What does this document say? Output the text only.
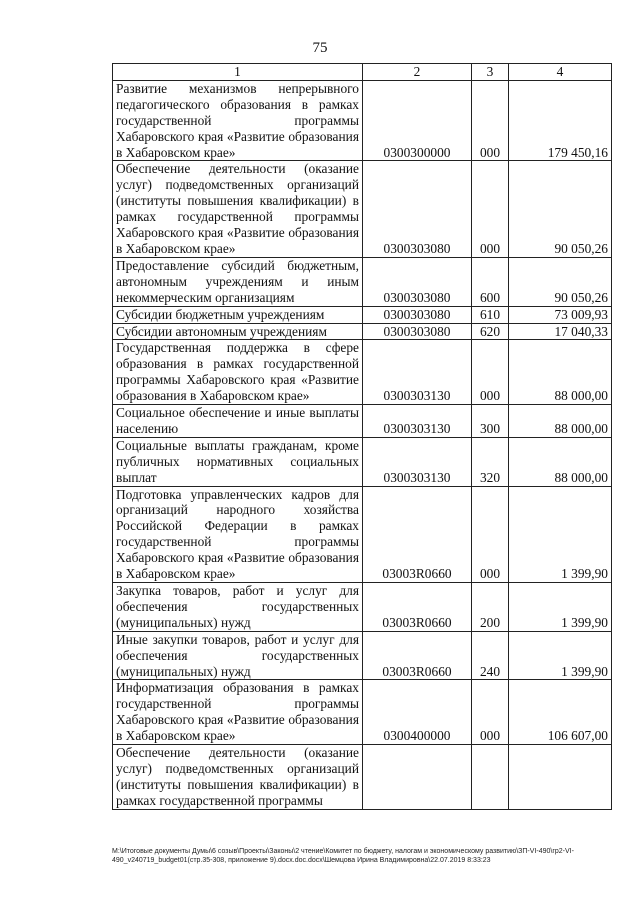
75
1	2	3	4
Развитие механизмов непрерывного педагогического образования в рамках государственной программы Хабаровского края «Развитие образования в Хабаровском крае»	0300300000	000	179 450,16
Обеспечение деятельности (оказание услуг) подведомственных организаций (институты повышения квалификации) в рамках государственной программы Хабаровского края «Развитие образования в Хабаровском крае»	0300303080	000	90 050,26
Предоставление субсидий бюджетным, автономным учреждениям и иным некоммерческим организациям	0300303080	600	90 050,26
Субсидии бюджетным учреждениям	0300303080	610	73 009,93
Субсидии автономным учреждениям	0300303080	620	17 040,33
Государственная поддержка в сфере образования в рамках государственной программы Хабаровского края «Развитие образования в Хабаровском крае»	0300303130	000	88 000,00
Социальное обеспечение и иные выплаты населению	0300303130	300	88 000,00
Социальные выплаты гражданам, кроме публичных нормативных социальных выплат	0300303130	320	88 000,00
Подготовка управленческих кадров для организаций народного хозяйства Российской Федерации в рамках государственной программы Хабаровского края «Развитие образования в Хабаровском крае»	03003R0660	000	1 399,90
Закупка товаров, работ и услуг для обеспечения государственных (муниципальных) нужд	03003R0660	200	1 399,90
Иные закупки товаров, работ и услуг для обеспечения государственных (муниципальных) нужд	03003R0660	240	1 399,90
Информатизация образования в рамках государственной программы Хабаровского края «Развитие образования в Хабаровском крае»	0300400000	000	106 607,00
Обеспечение деятельности (оказание услуг) подведомственных организаций (институты повышения квалификации) в рамках государственной программы			
M:\Итоговые документы Думы\6 созыв\Проекты\Законы\2 чтение\Комитет по бюджету, налогам и экономическому развитию\ЗП-VI-490\гр2-VI-490_v240719_budget01(стр.35-308, приложение 9).docx.doc.docx\Шемцова Ирина Владимировна\22.07.2019 8:33:23
